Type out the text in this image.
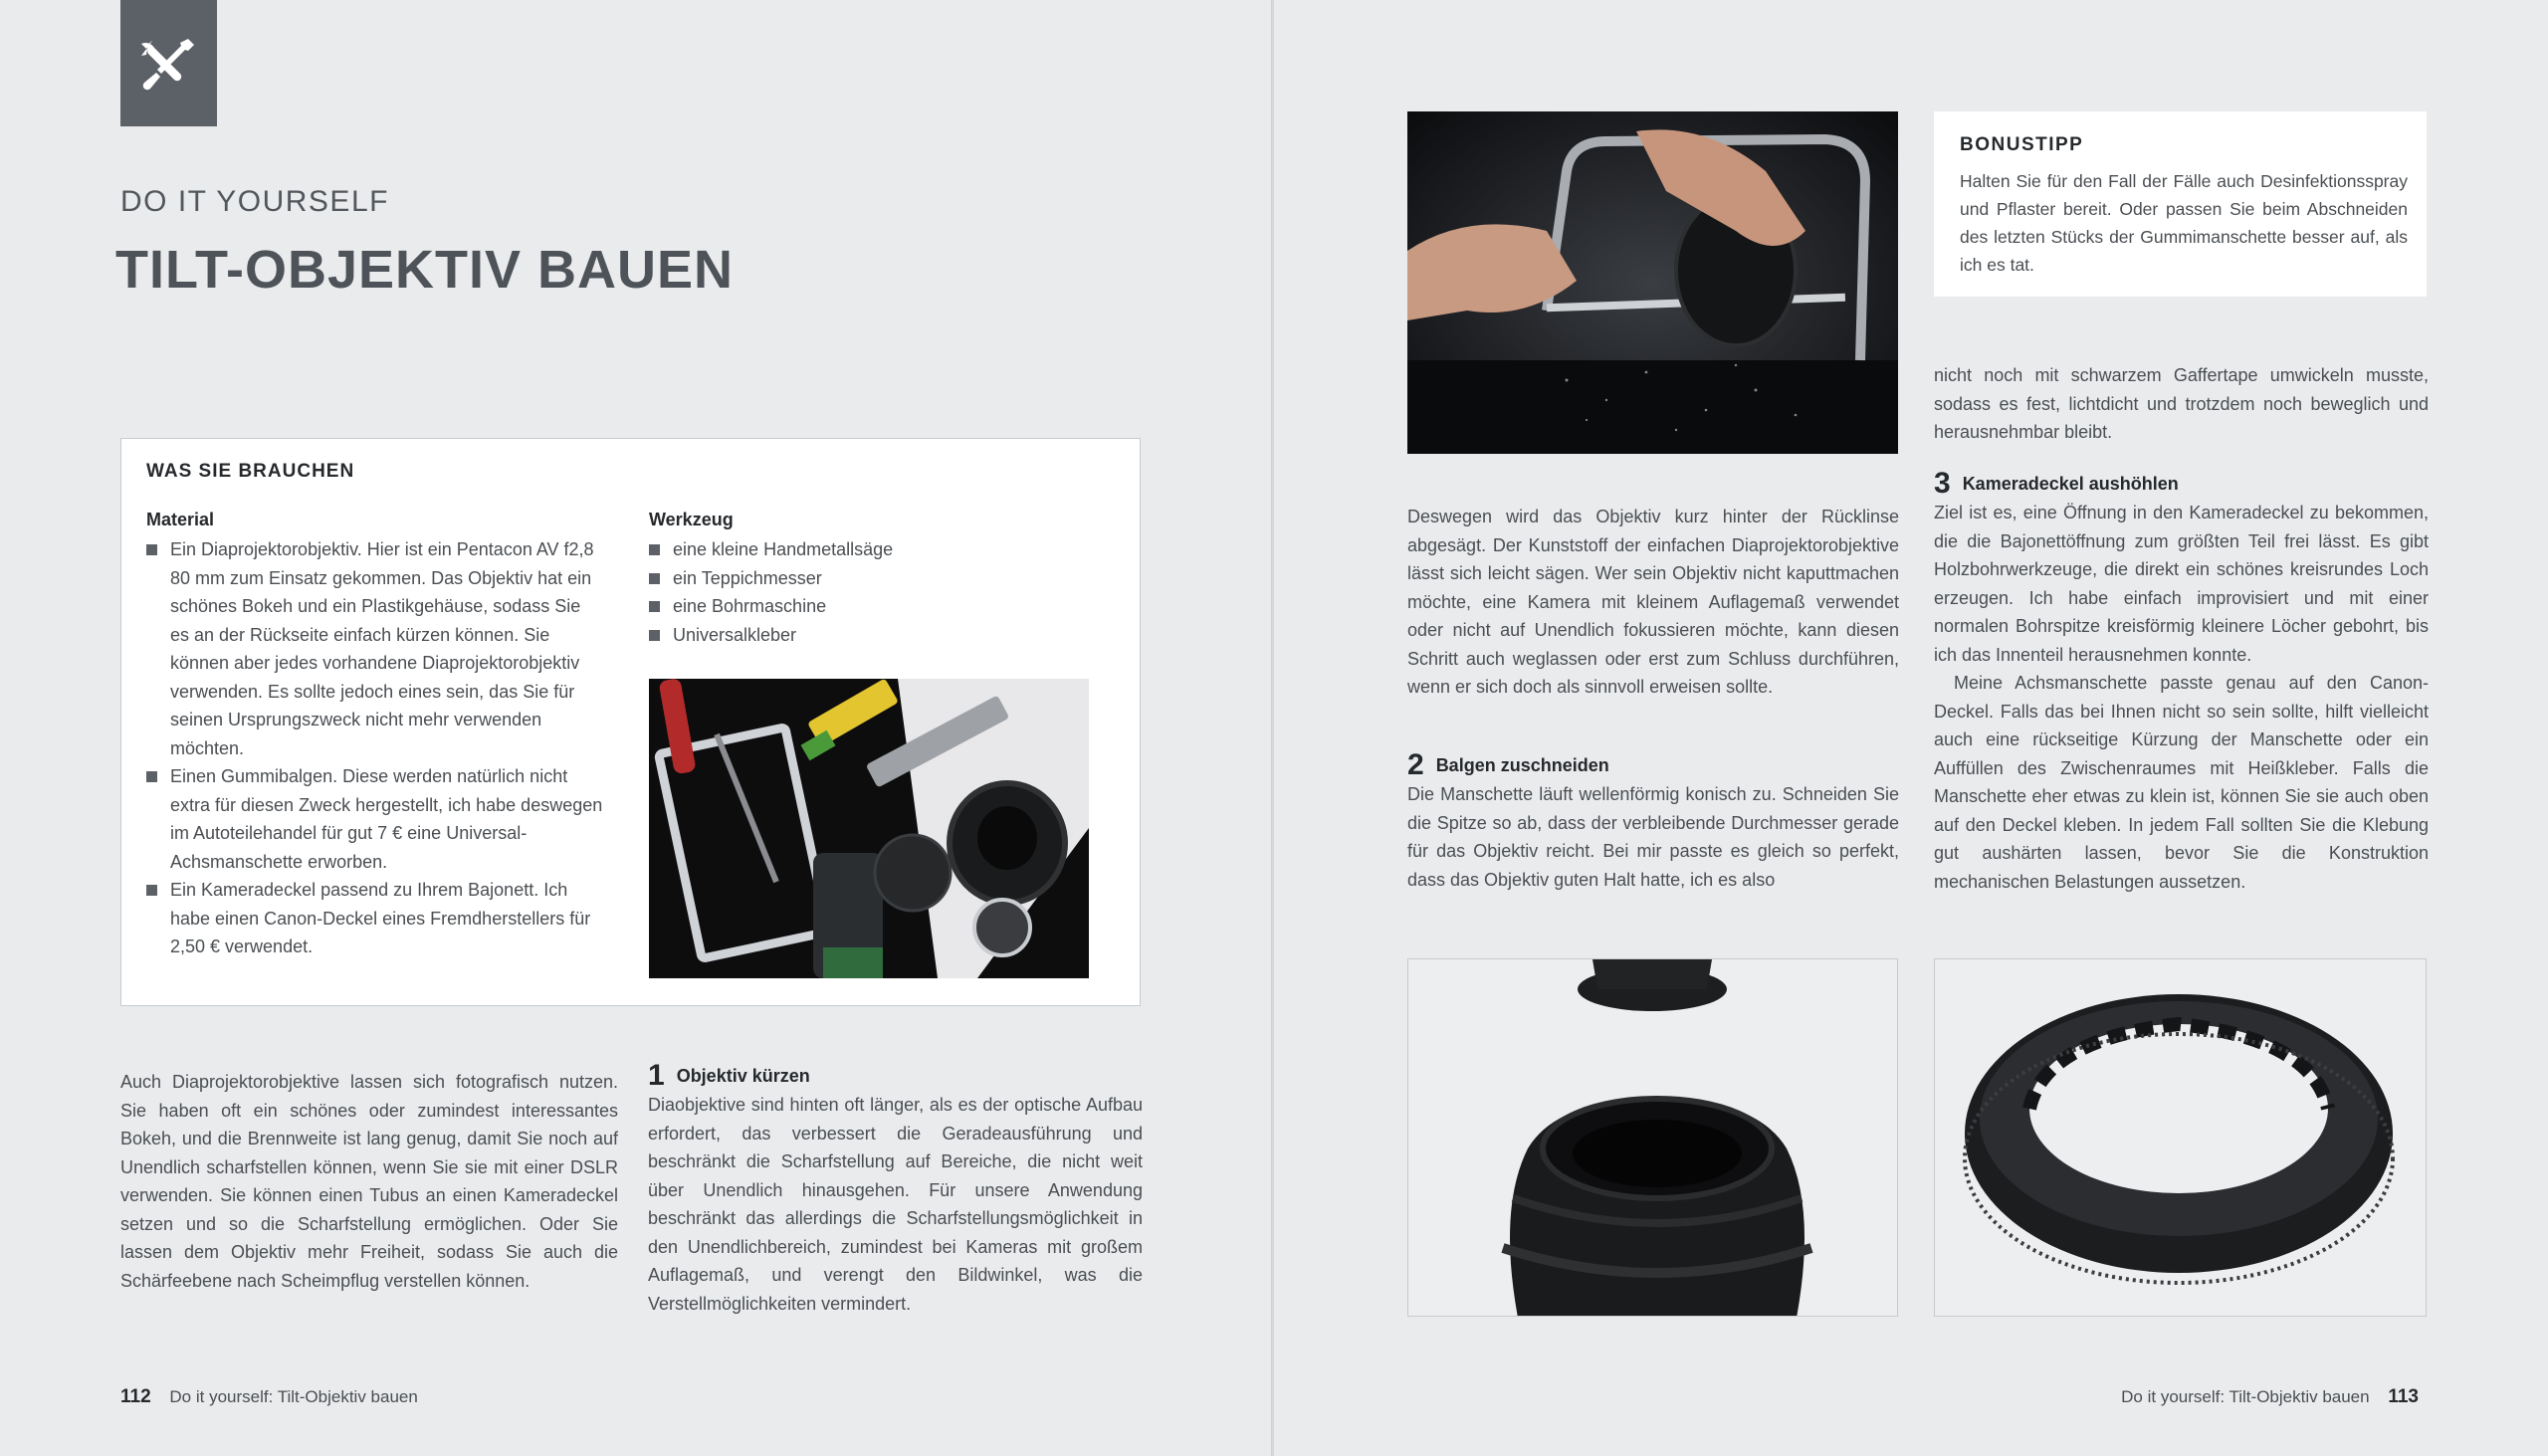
DO IT YOURSELF
TILT-OBJEKTIV BAUEN
WAS SIE BRAUCHEN
Material
Ein Diaprojektorobjektiv. Hier ist ein Pentacon AV f2,8 80 mm zum Einsatz gekommen. Das Objektiv hat ein schönes Bokeh und ein Plastikgehäuse, sodass Sie es an der Rückseite einfach kürzen können. Sie können aber jedes vorhandene Diaprojektorobjektiv verwenden. Es sollte jedoch eines sein, das Sie für seinen Ursprungszweck nicht mehr verwenden möchten.
Einen Gummibalgen. Diese werden natürlich nicht extra für diesen Zweck hergestellt, ich habe deswegen im Autoteilehandel für gut 7 € eine Universal-Achsmanschette erworben.
Ein Kameradeckel passend zu Ihrem Bajonett. Ich habe einen Canon-Deckel eines Fremdherstellers für 2,50 € verwendet.
Werkzeug
eine kleine Handmetallsäge
ein Teppichmesser
eine Bohrmaschine
Universalkleber
Auch Diaprojektorobjektive lassen sich fotografisch nutzen. Sie haben oft ein schönes oder zumindest interessantes Bokeh, und die Brennweite ist lang genug, damit Sie noch auf Unendlich scharfstellen können, wenn Sie sie mit einer DSLR verwenden. Sie können einen Tubus an einen Kameradeckel setzen und so die Scharfstellung ermöglichen. Oder Sie lassen dem Objektiv mehr Freiheit, sodass Sie auch die Schärfeebene nach Scheimpflug verstellen können.
1 Objektiv kürzen
Diaobjektive sind hinten oft länger, als es der optische Aufbau erfordert, das verbessert die Geradeausführung und beschränkt die Scharfstellung auf Bereiche, die nicht weit über Unendlich hinausgehen. Für unsere Anwendung beschränkt das allerdings die Scharfstellungsmöglichkeit in den Unendlichbereich, zumindest bei Kameras mit großem Auflagemaß, und verengt den Bildwinkel, was die Verstellmöglichkeiten vermindert.
112 Do it yourself: Tilt-Objektiv bauen
BONUSTIPP
Halten Sie für den Fall der Fälle auch Desinfektionsspray und Pflaster bereit. Oder passen Sie beim Abschneiden des letzten Stücks der Gummimanschette besser auf, als ich es tat.
nicht noch mit schwarzem Gaffertape umwickeln musste, sodass es fest, lichtdicht und trotzdem noch beweglich und herausnehmbar bleibt.
Deswegen wird das Objektiv kurz hinter der Rücklinse abgesägt. Der Kunststoff der einfachen Diaprojektorobjektive lässt sich leicht sägen. Wer sein Objektiv nicht kaputtmachen möchte, eine Kamera mit kleinem Auflagemaß verwendet oder nicht auf Unendlich fokussieren möchte, kann diesen Schritt auch weglassen oder erst zum Schluss durchführen, wenn er sich doch als sinnvoll erweisen sollte.
2 Balgen zuschneiden
Die Manschette läuft wellenförmig konisch zu. Schneiden Sie die Spitze so ab, dass der verbleibende Durchmesser gerade für das Objektiv reicht. Bei mir passte es gleich so perfekt, dass das Objektiv guten Halt hatte, ich es also
3 Kameradeckel aushöhlen
Ziel ist es, eine Öffnung in den Kameradeckel zu bekommen, die die Bajonettöffnung zum größten Teil frei lässt. Es gibt Holzbohrwerkzeuge, die direkt ein schönes kreisrundes Loch erzeugen. Ich habe einfach improvisiert und mit einer normalen Bohrspitze kreisförmig kleinere Löcher gebohrt, bis ich das Innenteil herausnehmen konnte.
Meine Achsmanschette passte genau auf den Canon-Deckel. Falls das bei Ihnen nicht so sein sollte, hilft vielleicht auch eine rückseitige Kürzung der Manschette oder ein Auffüllen des Zwischenraumes mit Heißkleber. Falls die Manschette eher etwas zu klein ist, können Sie sie auch oben auf den Deckel kleben. In jedem Fall sollten Sie die Klebung gut aushärten lassen, bevor Sie die Konstruktion mechanischen Belastungen aussetzen.
Do it yourself: Tilt-Objektiv bauen 113
